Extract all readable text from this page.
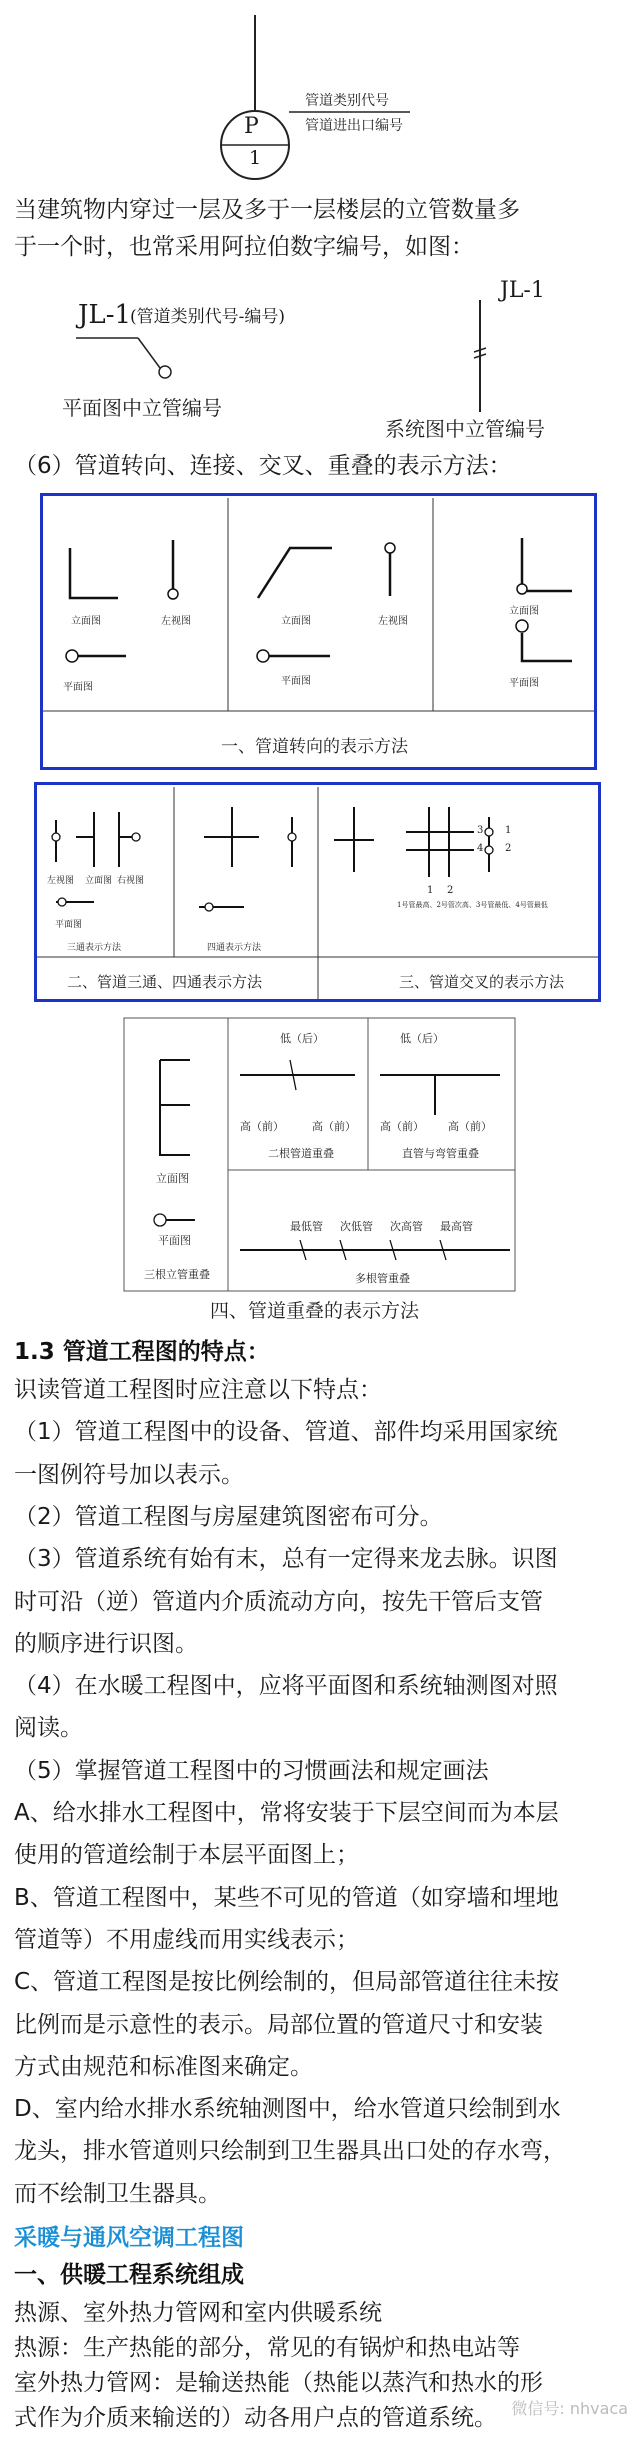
P
1
管道类别代号
管道进出口编号
当建筑物内穿过一层及多于一层楼层的立管数量多
于一个时，也常采用阿拉伯数字编号，如图：
JL-1
(管道类别代号-编号)
平面图中立管编号
JL-1
系统图中立管编号
（6）管道转向、连接、交叉、重叠的表示方法：
立面图	左视图
平面图
立面图	左视图
平面图
立面图
平面图
一、管道转向的表示方法
左视图 立面图 右视图
平面图
三通表示方法	四通表示方法
1 2
3
4
1
2
1号管最高、2号管次高、3号管最低、4号管最低
二、管道三通、四通表示方法	三、管道交叉的表示方法
低（后）
高（前）	高（前）
二根管道重叠
低（后）
高（前） 高（前）
直管与弯管重叠
立面图
平面图
三根立管重叠
最低管 次低管 次高管 最高管
多根管重叠
四、管道重叠的表示方法
1.3 管道工程图的特点：
识读管道工程图时应注意以下特点：
（1）管道工程图中的设备、管道、部件均采用国家统
一图例符号加以表示。
（2）管道工程图与房屋建筑图密布可分。
（3）管道系统有始有末，总有一定得来龙去脉。识图
时可沿（逆）管道内介质流动方向，按先干管后支管
的顺序进行识图。
（4）在水暖工程图中，应将平面图和系统轴测图对照
阅读。
（5）掌握管道工程图中的习惯画法和规定画法
A、给水排水工程图中，常将安装于下层空间而为本层
使用的管道绘制于本层平面图上；
B、管道工程图中，某些不可见的管道（如穿墙和埋地
管道等）不用虚线而用实线表示；
C、管道工程图是按比例绘制的，但局部管道往往未按
比例而是示意性的表示。局部位置的管道尺寸和安装
方式由规范和标准图来确定。
D、室内给水排水系统轴测图中，给水管道只绘制到水
龙头，排水管道则只绘制到卫生器具出口处的存水弯，
而不绘制卫生器具。
采暖与通风空调工程图
一、供暖工程系统组成
热源、室外热力管网和室内供暖系统
热源：生产热能的部分，常见的有锅炉和热电站等
室外热力管网：是输送热能（热能以蒸汽和热水的形
式作为介质来输送的）动各用户点的管道系统。 微信号: nhvaca
